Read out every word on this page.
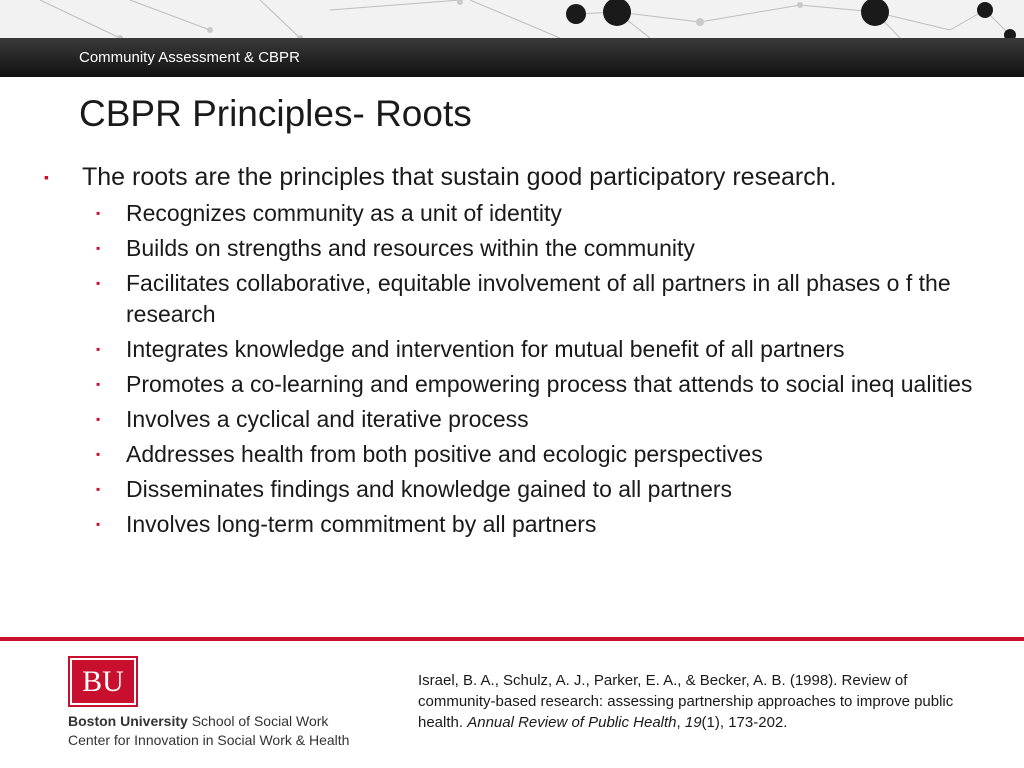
Community Assessment & CBPR
CBPR Principles- Roots
▪ The roots are the principles that sustain good participatory research.
▪ Recognizes community as a unit of identity
▪ Builds on strengths and resources within the community
▪ Facilitates collaborative, equitable involvement of all partners in all phases o f the research
▪ Integrates knowledge and intervention for mutual benefit of all partners
▪ Promotes a co-learning and empowering process that attends to social ineq ualities
▪ Involves a cyclical and iterative process
▪ Addresses health from both positive and ecologic perspectives
▪ Disseminates findings and knowledge gained to all partners
▪ Involves long-term commitment by all partners
BU
Boston University School of Social Work
Center for Innovation in Social Work & Health
Israel, B. A., Schulz, A. J., Parker, E. A., & Becker, A. B. (1998). Review of community-based research: assessing partnership approaches to improve public health. Annual Review of Public Health, 19(1), 173-202.
